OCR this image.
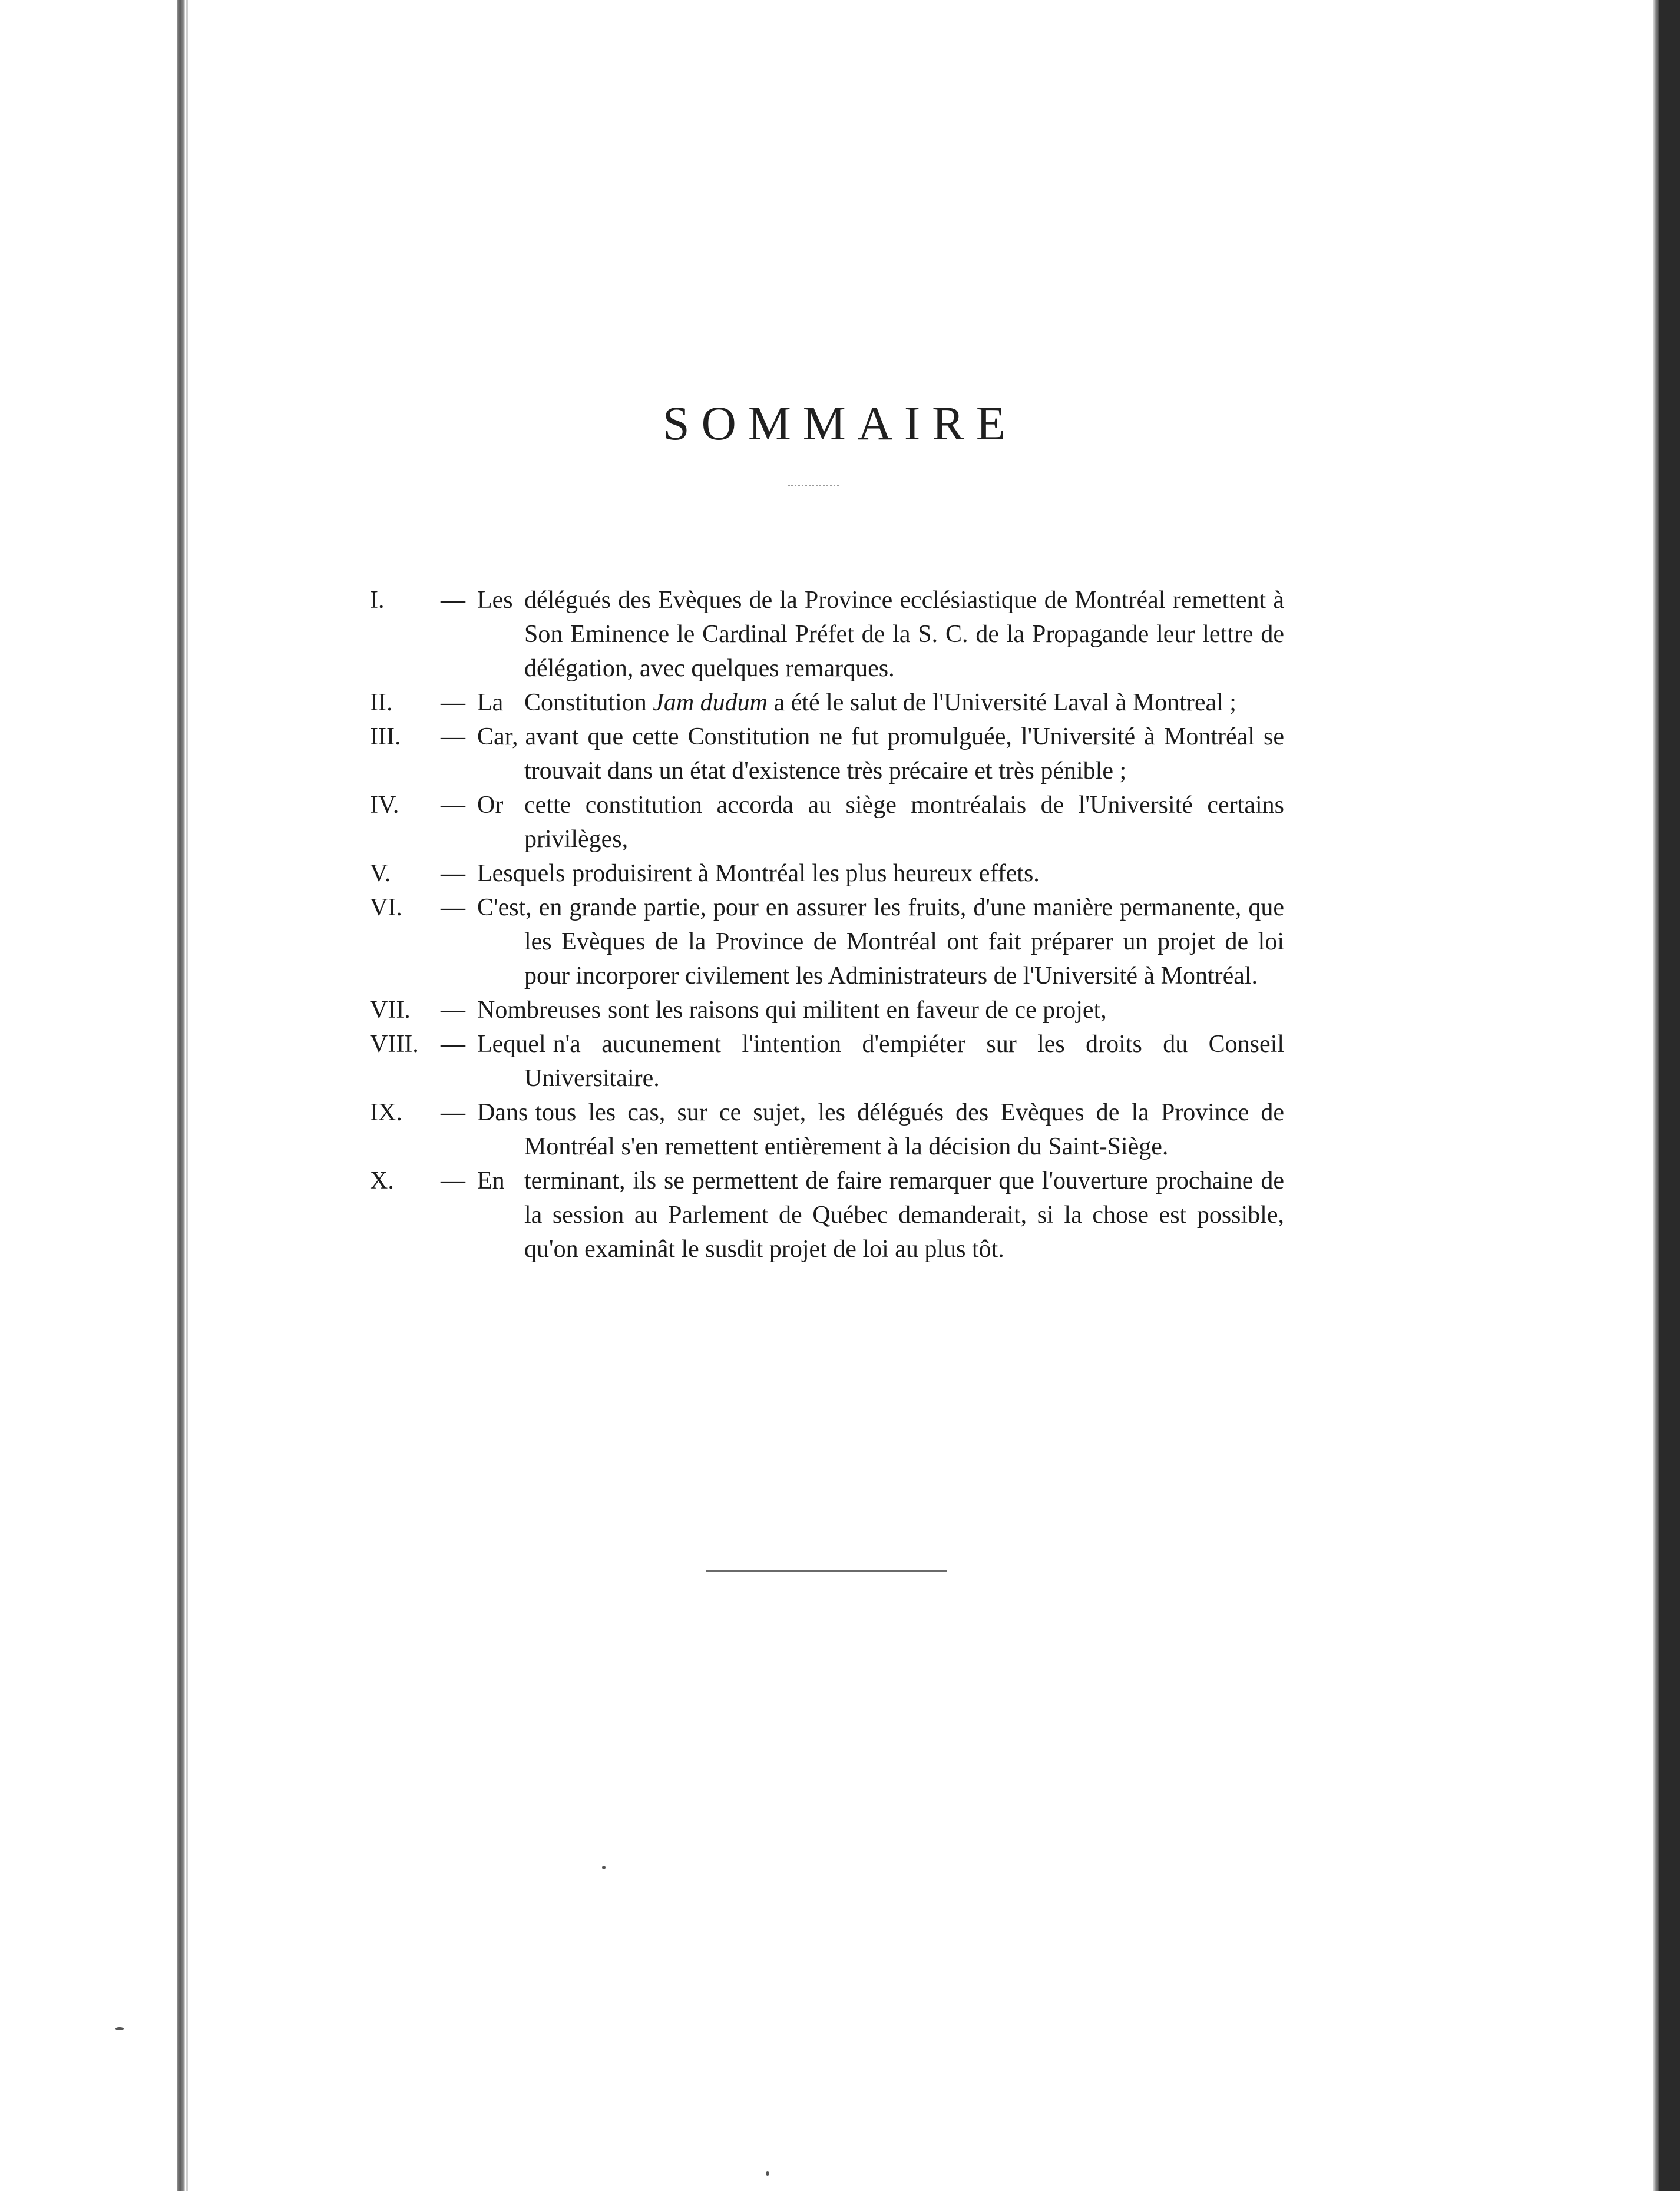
SOMMAIRE
I.	— Les délégués des Evèques de la Province ecclésiastique de Montréal remettent à Son Eminence le Cardinal Préfet de la S. C. de la Propagande leur lettre de délégation, avec quelques remarques.
II.	— La Constitution Jam dudum a été le salut de l'Université Laval à Montreal ;
III.	— Car, avant que cette Constitution ne fut promulguée, l'Université à Montréal se trouvait dans un état d'existence très précaire et très pénible ;
IV.	— Or cette constitution accorda au siège montréalais de l'Université certains privilèges,
V.	— Lesquels produisirent à Montréal les plus heureux effets.
VI.	— C'est, en grande partie, pour en assurer les fruits, d'une manière permanente, que les Evèques de la Province de Montréal ont fait préparer un projet de loi pour incorporer civilement les Administrateurs de l'Université à Montréal.
VII.	— Nombreuses sont les raisons qui militent en faveur de ce projet,
VIII. — Lequel n'a aucunement l'intention d'empiéter sur les droits du Conseil Universitaire.
IX.	— Dans tous les cas, sur ce sujet, les délégués des Evèques de la Province de Montréal s'en remettent entièrement à la décision du Saint-Siège.
X.	— En terminant, ils se permettent de faire remarquer que l'ouverture prochaine de la session au Parlement de Québec demanderait, si la chose est possible, qu'on examinât le susdit projet de loi au plus tôt.
